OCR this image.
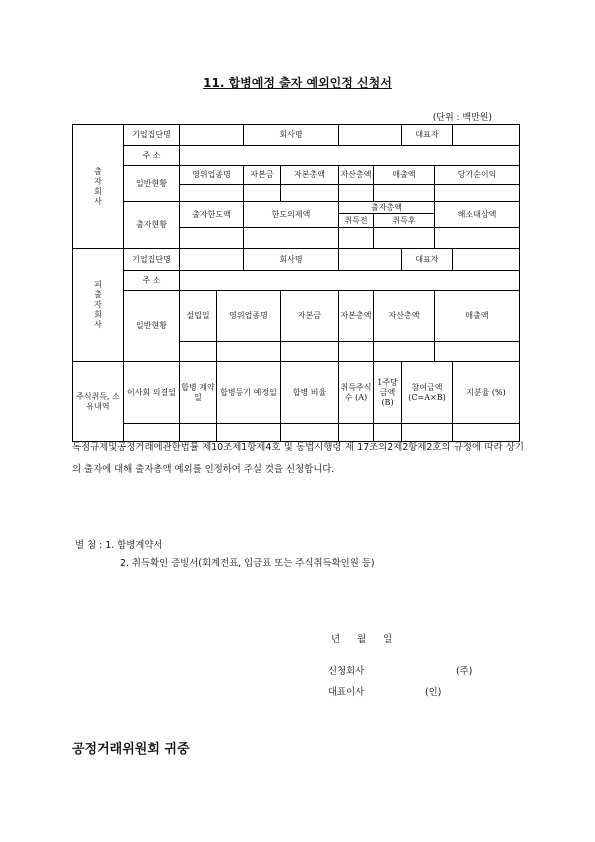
11. 합병예정 출자 예외인정 신청서
(단위 : 백만원)
출
자
회
사	기업집단명			회사명				대표자			
	주 소										
	일반현황	영위업종명		자본금	자본총액	자산총액	매출액		당기순이익		

	출자현황	출자한도액		한도의제액		출자총액			해소대상액		
						취득전	취득후				

피
출
자
회
사	기업집단명			회사명				대표자			
	주 소										
	일반현황	설립일	영위업종명		자본금	자본총액	자산총액		매출액	

주식취득, 소유내역	이사회 의결일	합병 계약일	합병등기 예정일		합병 비율	취득주식수 (A)	1주당 금액 (B)	참여금액 (C=A×B)		지분율 (%)	

독점규제및공정거래에관한법률 제10조제1항제4호 및 동법시행령 제 17조의2제2항제2호의 규정에 따라 상기의 출자에 대해 출자총액 예외를 인정하여 주실 것을 신청합니다.
별 첨 : 1. 합병계약서
2. 취득확인 증빙서(회계전표, 입금표 또는 주식취득확인원 등)
년 월 일
신청회사	(주)
대표이사	(인)
공정거래위원회 귀중
